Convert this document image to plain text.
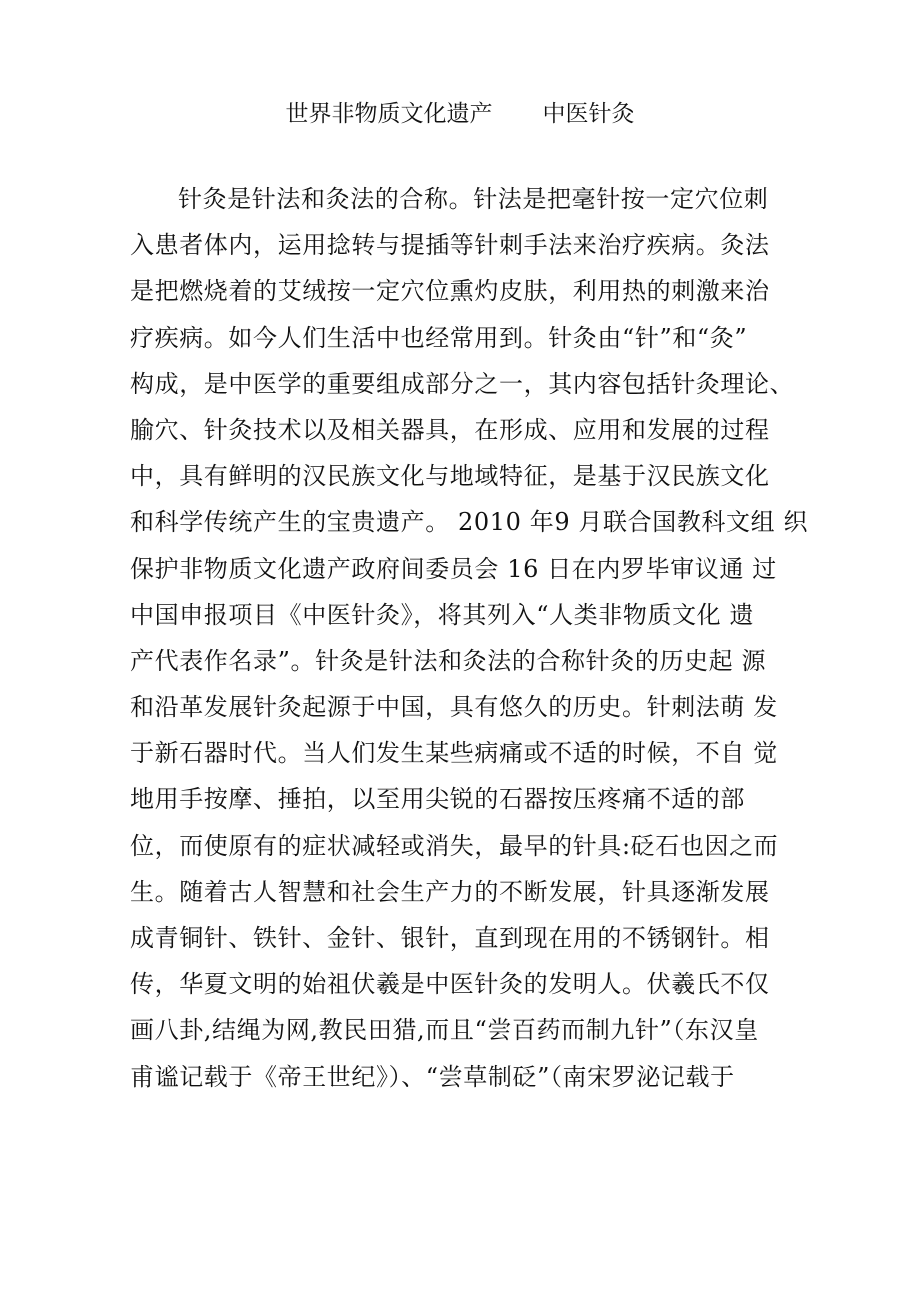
世界非物质文化遗产 中医针灸
针灸是针法和灸法的合称。针法是把毫针按一定穴位刺
入患者体内，运用捻转与提插等针刺手法来治疗疾病。灸法
是把燃烧着的艾绒按一定穴位熏灼皮肤，利用热的刺激来治
疗疾病。如今人们生活中也经常用到。针灸由“针”和“灸”
构成，是中医学的重要组成部分之一，其内容包括针灸理论、
腧穴、针灸技术以及相关器具，在形成、应用和发展的过程
中，具有鲜明的汉民族文化与地域特征，是基于汉民族文化
和科学传统产生的宝贵遗产。 2010 年9 月联合国教科文组 织
保护非物质文化遗产政府间委员会 16 日在内罗毕审议通 过
中国申报项目《中医针灸》，将其列入“人类非物质文化 遗
产代表作名录”。针灸是针法和灸法的合称针灸的历史起 源
和沿革发展针灸起源于中国，具有悠久的历史。针刺法萌 发
于新石器时代。当人们发生某些病痛或不适的时候，不自 觉
地用手按摩、捶拍，以至用尖锐的石器按压疼痛不适的部
位，而使原有的症状减轻或消失，最早的针具:砭石也因之而
生。随着古人智慧和社会生产力的不断发展，针具逐渐发展
成青铜针、铁针、金针、银针，直到现在用的不锈钢针。相
传，华夏文明的始祖伏羲是中医针灸的发明人。伏羲氏不仅
画八卦,结绳为网,教民田猎,而且“尝百药而制九针”（东汉皇
甫谧记载于《帝王世纪》）、“尝草制砭”（南宋罗泌记载于
